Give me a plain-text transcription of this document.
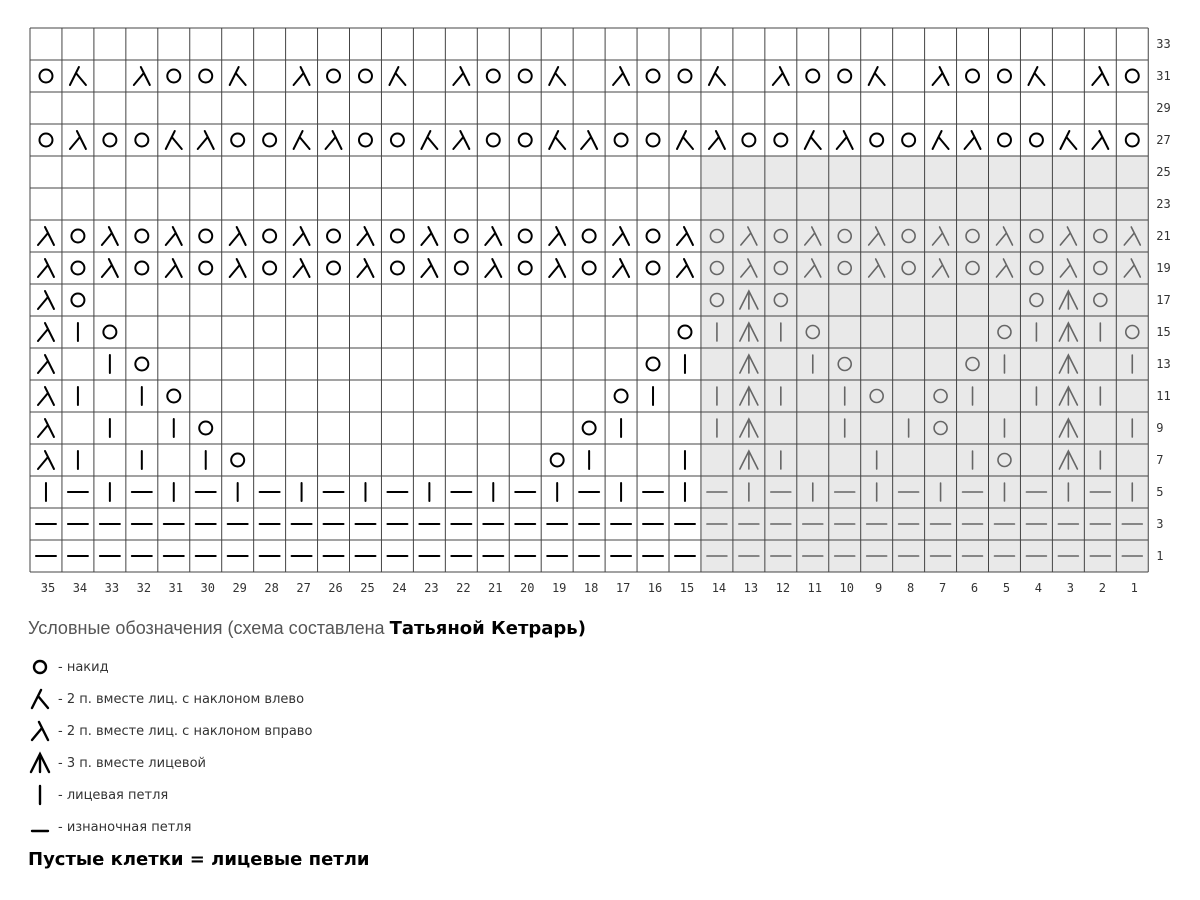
35 34 33 32 31 30 29 28 27 26 25 24 23 22 21 20 19 18 17 16 15 14 13 12 11 10 9 8 7 6 5 4 3 2 1
33
31
29
27
25
23
21
19
17
15
13
11
9
7
5
3
1
Условные обозначения (схема составлена Татьяной Кетрарь)
- накид
- 2 п. вместе лиц. с наклоном влево
- 2 п. вместе лиц. с наклоном вправо
- 3 п. вместе лицевой
- лицевая петля
- изнаночная петля
Пустые клетки = лицевые петли
